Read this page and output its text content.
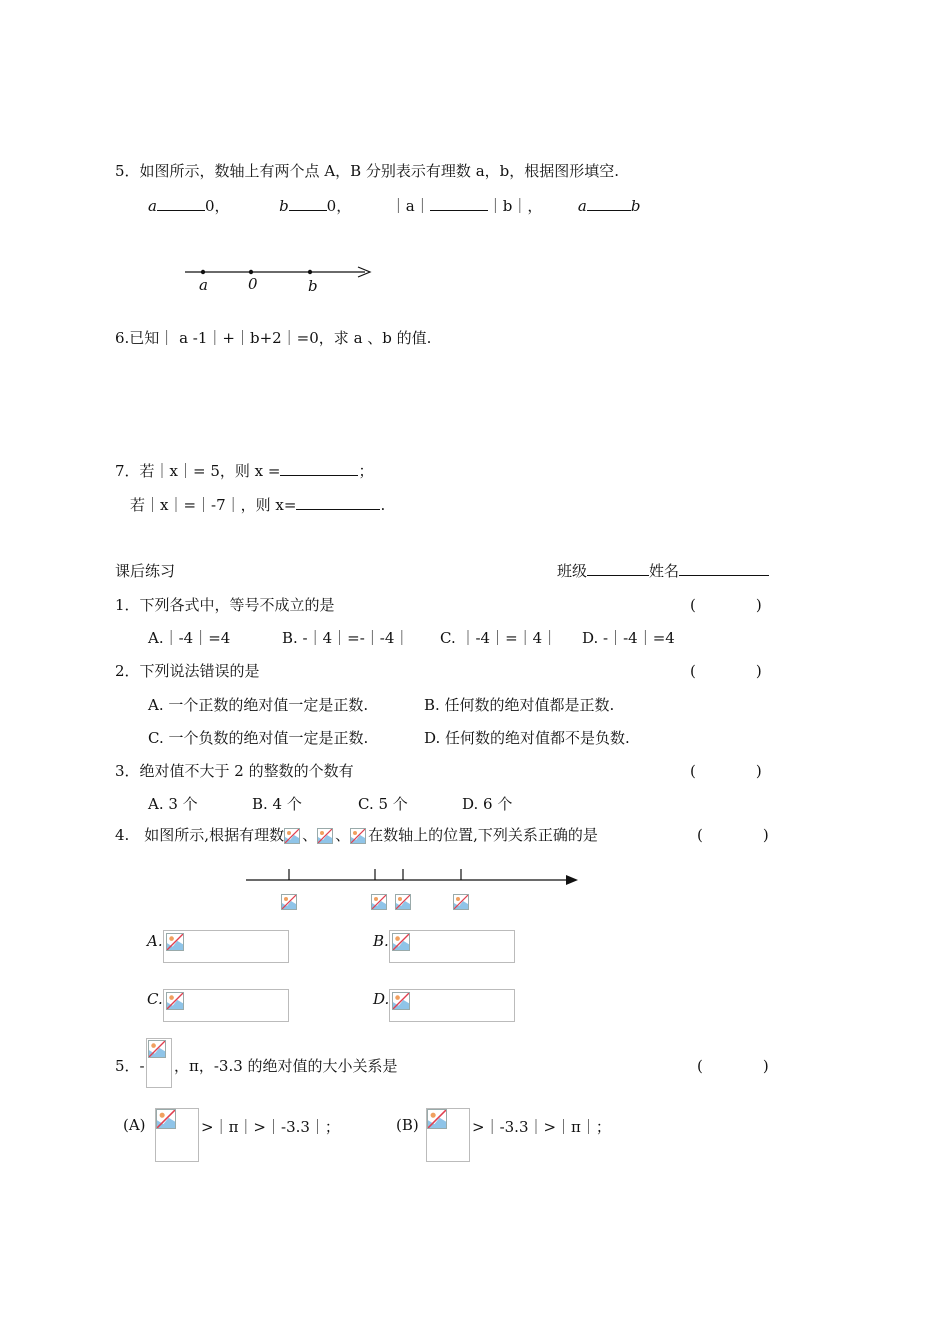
5．如图所示，数轴上有两个点 A，B 分别表示有理数 a，b，根据图形填空.
a	0，	b	0，	｜a｜	｜b｜， a	b
a	0	b
6.已知｜ a -1｜+｜b+2｜=0，求 a 、b 的值.
7．若｜x｜= 5，则 x =	；
若｜x｜=｜-7｜，则 x=	.
课后练习	班级	姓名
1．下列各式中，等号不成立的是	(　　　　)
A.｜-4｜=4	B. -｜4｜=-｜-4｜ C. ｜-4｜=｜4｜ D. -｜-4｜=4
2．下列说法错误的是	(　　　　)
A. 一个正数的绝对值一定是正数.	B. 任何数的绝对值都是正数.
C. 一个负数的绝对值一定是正数.	D. 任何数的绝对值都不是负数.
3．绝对值不大于 2 的整数的个数有	(　　　　)
A. 3 个	B. 4 个	C. 5 个	D. 6 个
4.　如图所示,根据有理数 、 、 在数轴上的位置,下列关系正确的是	(　　　　)
A.	B.
C.	D.
5．- ，π，-3.3 的绝对值的大小关系是	(　　　　)
(A)	>｜π｜>｜-3.3｜；	(B)	>｜-3.3｜>｜π｜；
